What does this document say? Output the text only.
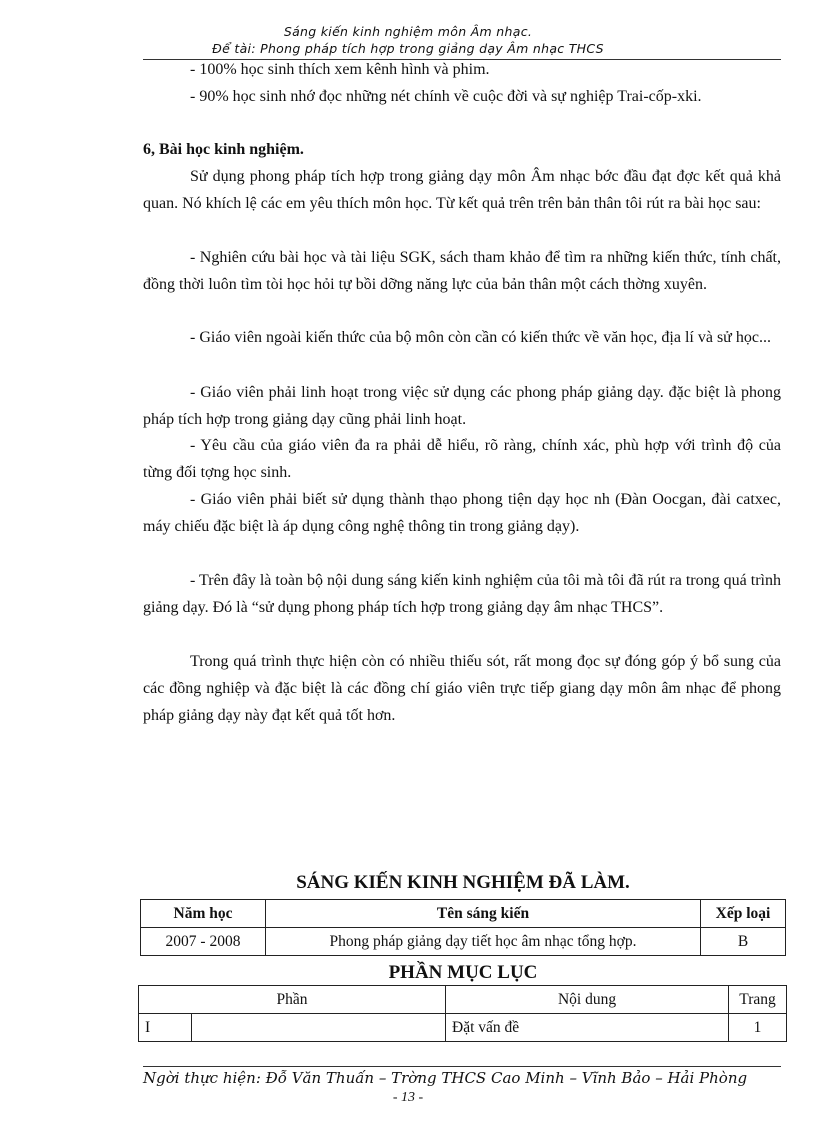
Sáng kiến kinh nghiệm môn Âm nhạc.
Để tài: Phong pháp tích hợp trong giảng dạy Âm nhạc THCS
- 100% học sinh thích xem kênh hình và phim.
- 90% học sinh nhớ đọc những nét chính về cuộc đời và sự nghiệp Trai-cốp-xki.
6, Bài học kinh nghiệm.
Sử dụng phong pháp tích hợp trong giảng dạy môn Âm nhạc bớc đầu đạt đợc kết quả khả quan. Nó khích lệ các em yêu thích môn học. Từ kết quả trên trên bản thân tôi rút ra bài học sau:
- Nghiên cứu bài học và tài liệu SGK, sách tham khảo để tìm ra những kiến thức, tính chất, đồng thời luôn tìm tòi học hỏi tự bồi dỡng năng lực của bản thân một cách thờng xuyên.
- Giáo viên ngoài kiến thức của bộ môn còn cần có kiến thức về văn học, địa lí và sử học...
- Giáo viên phải linh hoạt trong việc sử dụng các phong pháp giảng dạy. đặc biệt là phong pháp tích hợp trong giảng dạy cũng phải linh hoạt.
- Yêu cầu của giáo viên đa ra phải dễ hiểu, rõ ràng, chính xác, phù hợp với trình độ của từng đối tợng học sinh.
- Giáo viên phải biết sử dụng thành thạo phong tiện dạy học nh (Đàn Oocgan, đài catxec, máy chiếu đặc biệt là áp dụng công nghệ thông tin trong giảng dạy).
- Trên đây là toàn bộ nội dung sáng kiến kinh nghiệm của tôi mà tôi đã rút ra trong quá trình giảng dạy. Đó là “sử dụng phong pháp tích hợp trong giảng dạy âm nhạc THCS”.
Trong quá trình thực hiện còn có nhiều thiếu sót, rất mong đọc sự đóng góp ý bổ sung của các đồng nghiệp và đặc biệt là các đồng chí giáo viên trực tiếp giang dạy môn âm nhạc để phong pháp giảng dạy này đạt kết quả tốt hơn.
SÁNG KIẾN KINH NGHIỆM ĐÃ LÀM.
Năm học	Tên sáng kiến	Xếp loại
2007 - 2008	Phong pháp giảng dạy tiết học âm nhạc tổng hợp.	B
PHẦN MỤC LỤC
Phần		Nội dung	Trang
I		Đặt vấn đề	1
Ngời thực hiện: Đỗ Văn Thuấn – Trờng THCS Cao Minh – Vĩnh Bảo – Hải Phòng
- 13 -
